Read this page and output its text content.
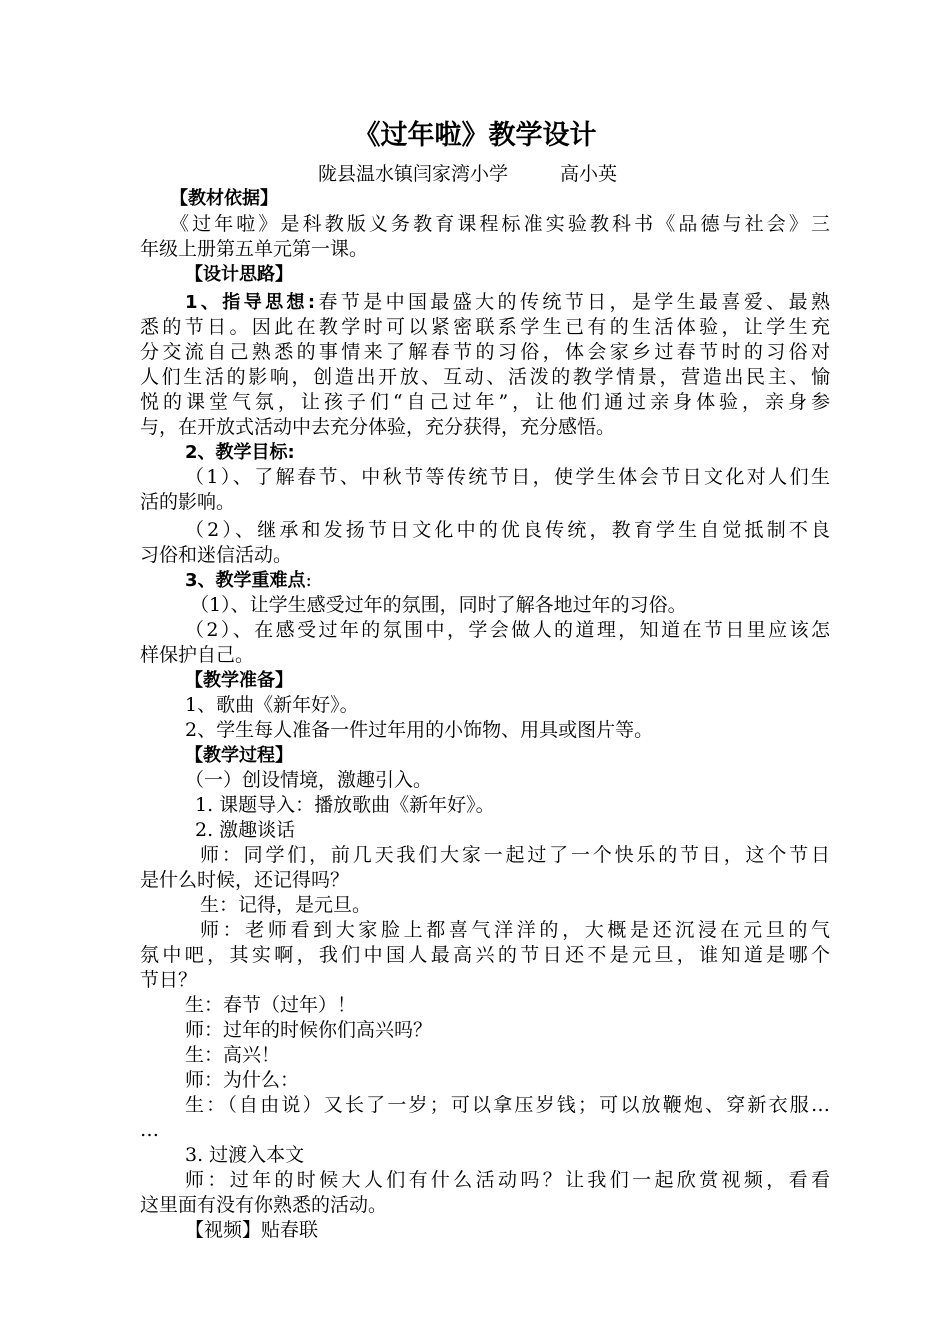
《过年啦》教学设计
陇县温水镇闫家湾小学	高小英
【教材依据】
《过年啦》是科教版义务教育课程标准实验教科书《品德与社会》三
年级上册第五单元第一课。
【设计思路】
1、指导思想:春节是中国最盛大的传统节日，是学生最喜爱、最熟
悉的节日。因此在教学时可以紧密联系学生已有的生活体验，让学生充
分交流自己熟悉的事情来了解春节的习俗，体会家乡过春节时的习俗对
人们生活的影响，创造出开放、互动、活泼的教学情景，营造出民主、愉
悦的课堂气氛，让孩子们“自己过年”，让他们通过亲身体验，亲身参
与，在开放式活动中去充分体验，充分获得，充分感悟。
2、教学目标:
（1）、了解春节、中秋节等传统节日，使学生体会节日文化对人们生
活的影响。
（2）、继承和发扬节日文化中的优良传统，教育学生自觉抵制不良
习俗和迷信活动。
3、教学重难点:
（1）、让学生感受过年的氛围，同时了解各地过年的习俗。
（2）、在感受过年的氛围中，学会做人的道理，知道在节日里应该怎
样保护自己。
【教学准备】
1、歌曲《新年好》。
2、学生每人准备一件过年用的小饰物、用具或图片等。
【教学过程】
（一）创设情境，激趣引入。
1. 课题导入：播放歌曲《新年好》。
2. 激趣谈话
师：同学们，前几天我们大家一起过了一个快乐的节日，这个节日
是什么时候，还记得吗？
生：记得，是元旦。
师：老师看到大家脸上都喜气洋洋的，大概是还沉浸在元旦的气
氛中吧，其实啊，我们中国人最高兴的节日还不是元旦，谁知道是哪个
节日？
生：春节（过年）！
师：过年的时候你们高兴吗？
生：高兴！
师：为什么：
生：（自由说）又长了一岁；可以拿压岁钱；可以放鞭炮、穿新衣服…
…
3. 过渡入本文
师：过年的时候大人们有什么活动吗？让我们一起欣赏视频，看看
这里面有没有你熟悉的活动。
【视频】贴春联
